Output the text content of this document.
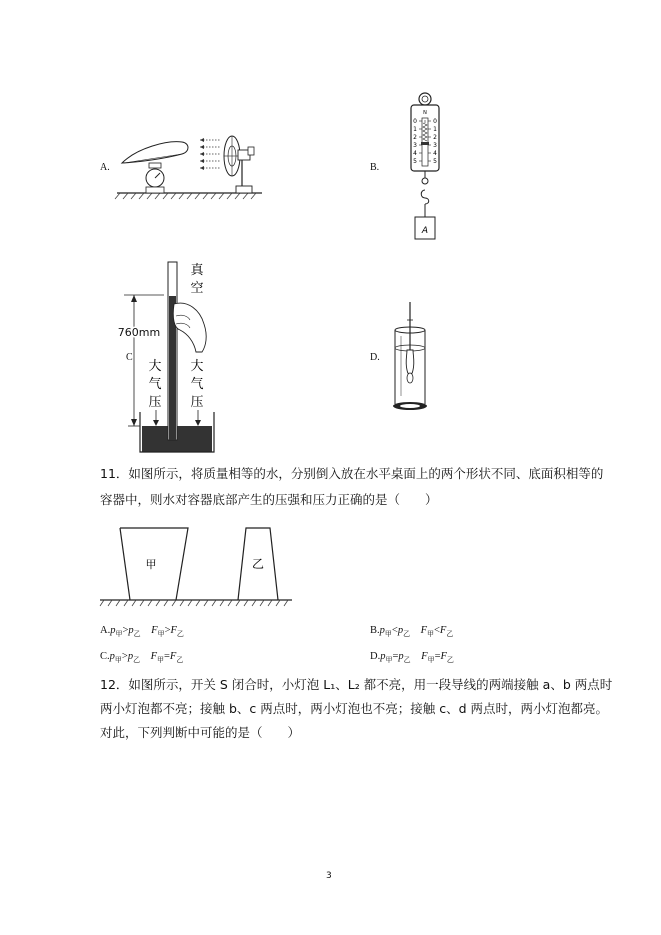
A.	B.
C	D.
N
0
1
2
3
4
5
0
1
2
3
4
5
A
真
空
760mm
大
气
压
大
气
压
11．如图所示，将质量相等的水，分别倒入放在水平桌面上的两个形状不同、底面积相等的
容器中，则水对容器底部产生的压强和压力正确的是（　　）
甲	乙
$A.p_甲>p_乙$ $F_甲>F_乙$	$B.p_甲<p_乙$ $F_甲<F_乙$
$C.p_甲>p_乙$ $F_甲=F_乙$	$D.p_甲=p_乙$ $F_甲=F_乙$
12．如图所示，开关 S 闭合时，小灯泡 L₁、L₂ 都不亮，用一段导线的两端接触 a、b 两点时
两小灯泡都不亮；接触 b、c 两点时，两小灯泡也不亮；接触 c、d 两点时，两小灯泡都亮。
对此，下列判断中可能的是（　　）
3
